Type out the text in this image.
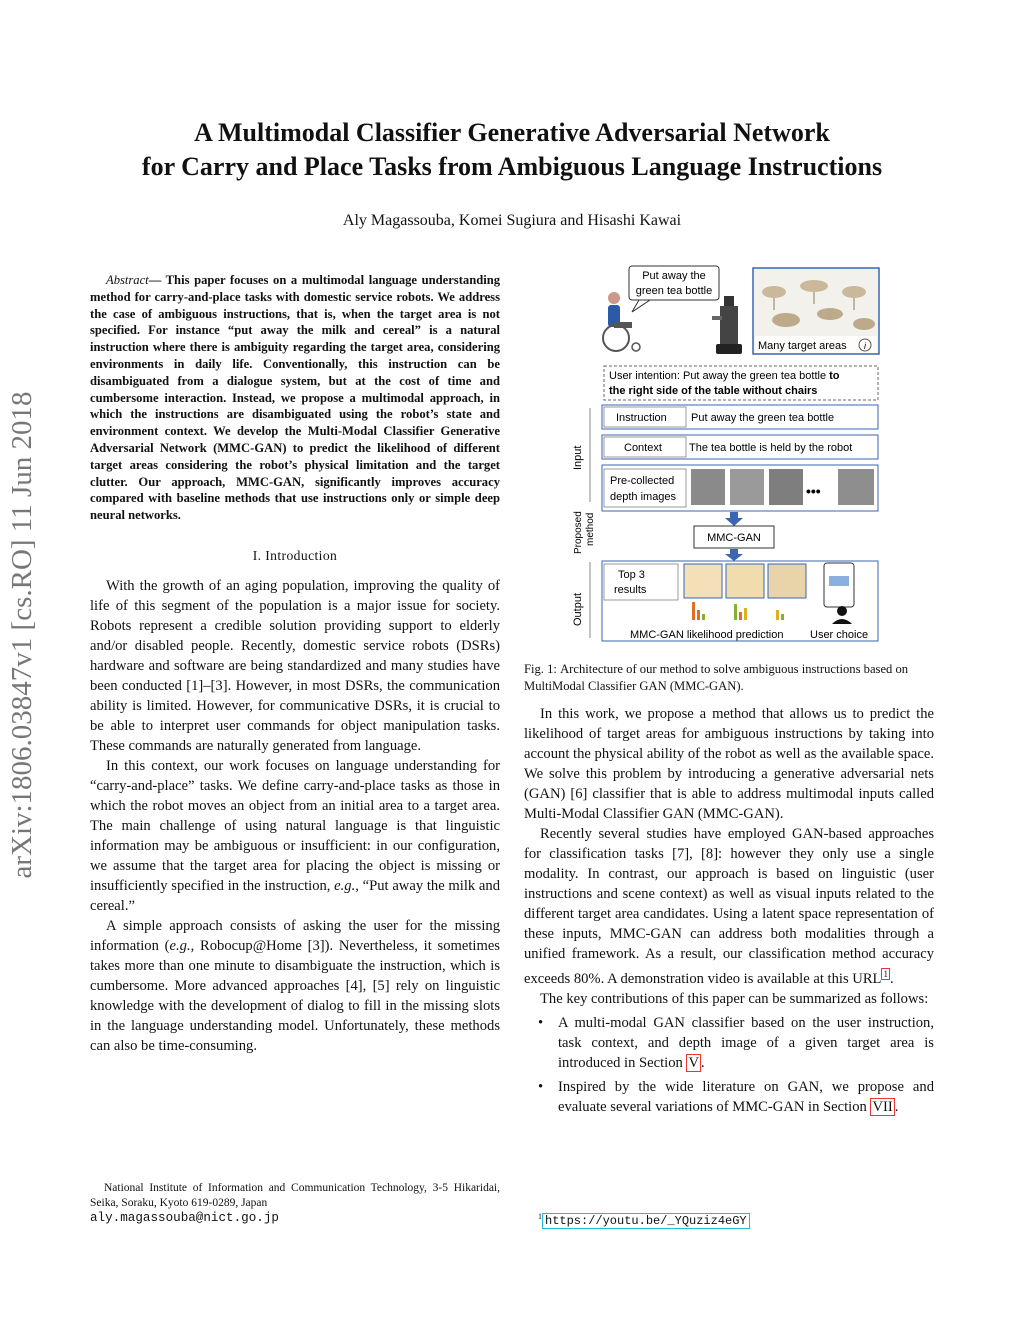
A Multimodal Classifier Generative Adversarial Network
for Carry and Place Tasks from Ambiguous Language Instructions
Aly Magassouba, Komei Sugiura and Hisashi Kawai
arXiv:1806.03847v1 [cs.RO] 11 Jun 2018
Abstract— This paper focuses on a multimodal language understanding method for carry-and-place tasks with domestic service robots. We address the case of ambiguous instructions, that is, when the target area is not specified. For instance “put away the milk and cereal” is a natural instruction where there is ambiguity regarding the target area, considering environments in daily life. Conventionally, this instruction can be disambiguated from a dialogue system, but at the cost of time and cumbersome interaction. Instead, we propose a multimodal approach, in which the instructions are disambiguated using the robot’s state and environment context. We develop the Multi-Modal Classifier Generative Adversarial Network (MMC-GAN) to predict the likelihood of different target areas considering the robot’s physical limitation and the target clutter. Our approach, MMC-GAN, significantly improves accuracy compared with baseline methods that use instructions only or simple deep neural networks.
I. Introduction

With the growth of an aging population, improving the quality of life of this segment of the population is a major issue for society. Robots represent a credible solution providing support to elderly and/or disabled people. Recently, domestic service robots (DSRs) hardware and software are being standardized and many studies have been conducted [1]–[3]. However, in most DSRs, the communication ability is limited. However, for communicative DSRs, it is crucial to be able to interpret user commands for object manipulation tasks. These commands are naturally generated from language.

In this context, our work focuses on language understanding for “carry-and-place” tasks. We define carry-and-place tasks as those in which the robot moves an object from an initial area to a target area. The main challenge of using natural language is that linguistic information may be ambiguous or insufficient: in our configuration, we assume that the target area for placing the object is missing or insufficiently specified in the instruction, e.g., “Put away the milk and cereal.”

A simple approach consists of asking the user for the missing information (e.g., Robocup@Home [3]). Nevertheless, it sometimes takes more than one minute to disambiguate the instruction, which is cumbersome. More advanced approaches [4], [5] rely on linguistic knowledge with the development of dialog to fill in the missing slots in the language understanding model. Unfortunately, these methods can also be time-consuming.

National Institute of Information and Communication Technology, 3-5 Hikaridai, Seika, Soraku, Kyoto 619-0289, Japan
aly.magassouba@nict.go.jp
Put away the
green tea bottle
Many target areas i
User intention: Put away the green tea bottle to
the right side of the table without chairs
Input
Proposed method
Output
Instruction Put away the green tea bottle
Context The tea bottle is held by the robot
Pre-collected
depth images	•••
MMC-GAN
Top 3
results
MMC-GAN likelihood prediction User choice
Fig. 1: Architecture of our method to solve ambiguous instructions based on MultiModal Classifier GAN (MMC-GAN).

In this work, we propose a method that allows us to predict the likelihood of target areas for ambiguous instructions by taking into account the physical ability of the robot as well as the available space. We solve this problem by introducing a generative adversarial nets (GAN) [6] classifier that is able to address multimodal inputs called Multi-Modal Classifier GAN (MMC-GAN).

Recently several studies have employed GAN-based approaches for classification tasks [7], [8]: however they only use a single modality. In contrast, our approach is based on linguistic (user instructions and scene context) as well as visual inputs related to the different target area candidates. Using a latent space representation of these inputs, MMC-GAN can address both modalities through a unified framework. As a result, our classification method accuracy exceeds 80%. A demonstration video is available at this URL $^1$ .

The key contributions of this paper can be summarized as follows:

• A multi-modal GAN classifier based on the user instruction, task context, and depth image of a given target area is introduced in Section V .
• Inspired by the wide literature on GAN, we propose and evaluate several variations of MMC-GAN in Section VII .
$^1$ https://youtu.be/_YQuziz4eGY
